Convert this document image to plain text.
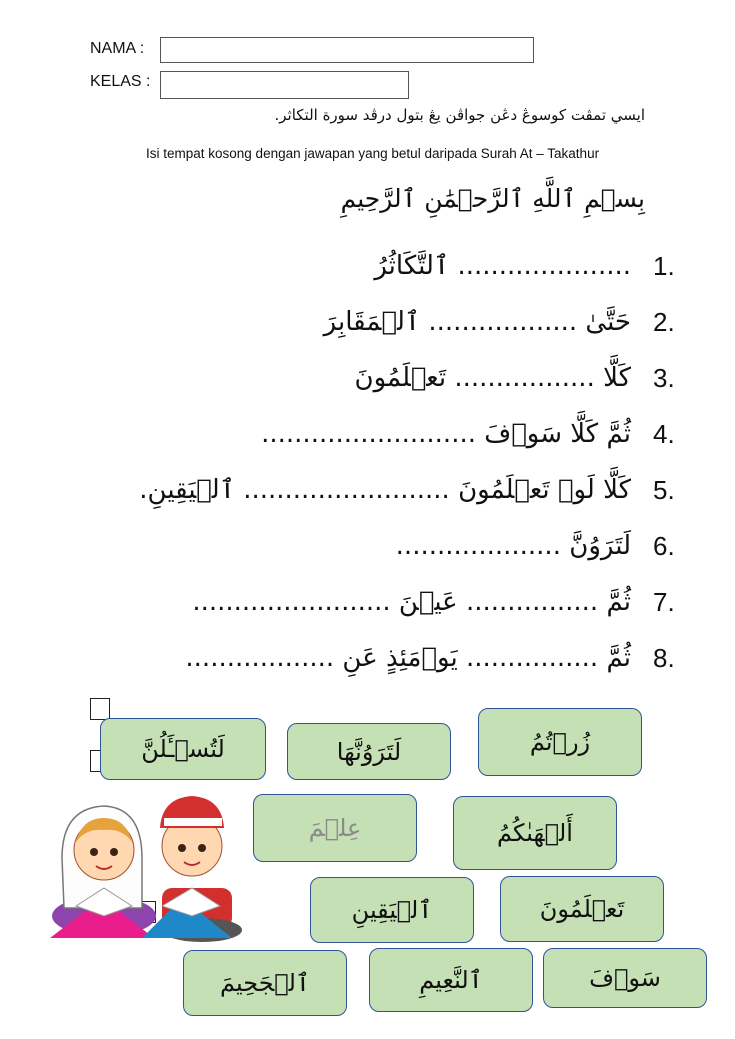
NAMA :
KELAS :
ايسي تمڤت كوسوڠ دڠن جواڤن يڠ بتول درڤد سورة التكاثر.
Isi tempat kosong dengan jawapan yang betul daripada Surah At – Takathur
بِسۡمِ ٱللَّهِ ٱلرَّحۡمَٰنِ ٱلرَّحِيمِ
1.
..................... ٱلتَّكَاثُرُ
2.
حَتَّىٰ .................. ٱلۡمَقَابِرَ
3.
كَلَّا ................. تَعۡلَمُونَ
4.
ثُمَّ كَلَّا سَوۡفَ ..........................
5.
كَلَّا لَوۡ تَعۡلَمُونَ ......................... ٱلۡيَقِينِ.
6.
لَتَرَوُنَّ ....................
7.
ثُمَّ ................ عَيۡنَ ........................
8.
ثُمَّ ................ يَوۡمَئِذٍ عَنِ ..................
لَتُسۡـَٔلُنَّ	لَتَرَوُنَّهَا	زُرۡتُمُ
عِلۡمَ	أَلۡهَىٰكُمُ
ٱلۡيَقِينِ	تَعۡلَمُونَ
ٱلۡجَحِيمَ	ٱلنَّعِيمِ	سَوۡفَ
